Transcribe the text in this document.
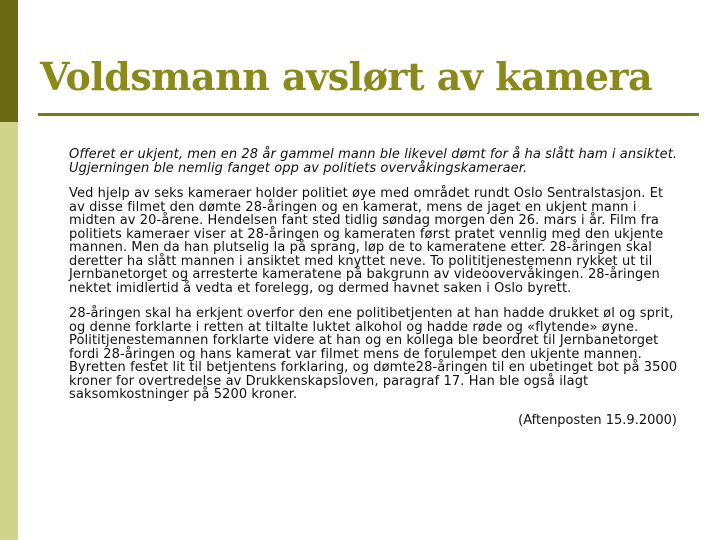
Voldsmann avslørt av kamera

Offeret er ukjent, men en 28 år gammel mann ble likevel dømt for å ha slått ham i ansiktet. Ugjerningen ble nemlig fanget opp av politiets overvåkingskameraer.

Ved hjelp av seks kameraer holder politiet øye med området rundt Oslo Sentralstasjon. Et av disse filmet den dømte 28-åringen og en kamerat, mens de jaget en ukjent mann i midten av 20-årene. Hendelsen fant sted tidlig søndag morgen den 26. mars i år. Film fra politiets kameraer viser at 28-åringen og kameraten først pratet vennlig med den ukjente mannen. Men da han plutselig la på sprang, løp de to kameratene etter. 28-åringen skal deretter ha slått mannen i ansiktet med knyttet neve. To polititjenestemenn rykket ut til Jernbanetorget og arresterte kameratene på bakgrunn av videoovervåkingen. 28-åringen nektet imidlertid å vedta et forelegg, og dermed havnet saken i Oslo byrett.

28-åringen skal ha erkjent overfor den ene politibetjenten at han hadde drukket øl og sprit, og denne forklarte i retten at tiltalte luktet alkohol og hadde røde og «flytende» øyne. Polititjenestemannen forklarte videre at han og en kollega ble beordret til Jernbanetorget fordi 28-åringen og hans kamerat var filmet mens de forulempet den ukjente mannen. Byretten festet lit til betjentens forklaring, og dømte28-åringen til en ubetinget bot på 3500 kroner for overtredelse av Drukkenskapsloven, paragraf 17. Han ble også ilagt saksomkostninger på 5200 kroner.

(Aftenposten 15.9.2000)
